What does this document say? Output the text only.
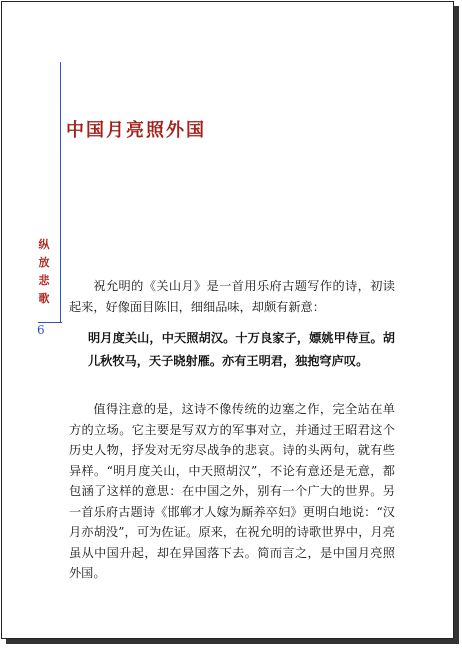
纵
放
悲
歌
6
中国月亮照外国
祝允明的《关山月》是一首用乐府古题写作的诗，初读起来，好像面目陈旧，细细品味，却颇有新意：
明月度关山，中天照胡汉。十万良家子，嫖姚甲侍亘。胡儿秋牧马，天子晓射雁。亦有王明君，独抱穹庐叹。
值得注意的是，这诗不像传统的边塞之作，完全站在单方的立场。它主要是写双方的军事对立，并通过王昭君这个历史人物，抒发对无穷尽战争的悲哀。诗的头两句，就有些异样。“明月度关山，中天照胡汉”，不论有意还是无意，都包涵了这样的意思：在中国之外，别有一个广大的世界。另一首乐府古题诗《邯郸才人嫁为厮养卒妇》更明白地说：“汉月亦胡没”，可为佐证。原来，在祝允明的诗歌世界中，月亮虽从中国升起，却在异国落下去。简而言之，是中国月亮照外国。
